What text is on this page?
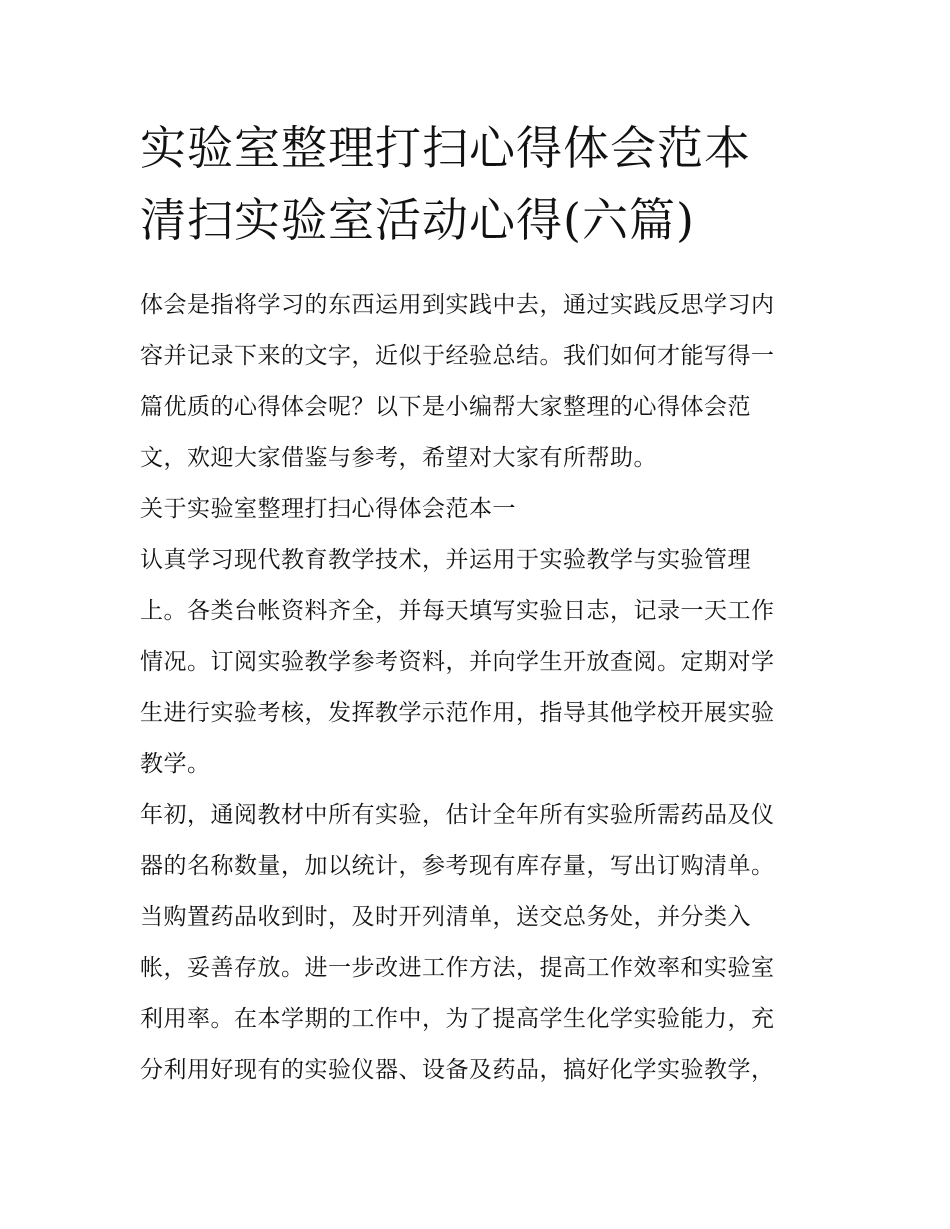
实验室整理打扫心得体会范本
清扫实验室活动心得(六篇)

体会是指将学习的东西运用到实践中去，通过实践反思学习内
容并记录下来的文字，近似于经验总结。我们如何才能写得一
篇优质的心得体会呢？以下是小编帮大家整理的心得体会范
文，欢迎大家借鉴与参考，希望对大家有所帮助。

关于实验室整理打扫心得体会范本一

认真学习现代教育教学技术，并运用于实验教学与实验管理
上。各类台帐资料齐全，并每天填写实验日志，记录一天工作
情况。订阅实验教学参考资料，并向学生开放查阅。定期对学
生进行实验考核，发挥教学示范作用，指导其他学校开展实验
教学。

年初，通阅教材中所有实验，估计全年所有实验所需药品及仪
器的名称数量，加以统计，参考现有库存量，写出订购清单。
当购置药品收到时，及时开列清单，送交总务处，并分类入
帐，妥善存放。进一步改进工作方法，提高工作效率和实验室
利用率。在本学期的工作中，为了提高学生化学实验能力，充
分利用好现有的实验仪器、设备及药品，搞好化学实验教学，
